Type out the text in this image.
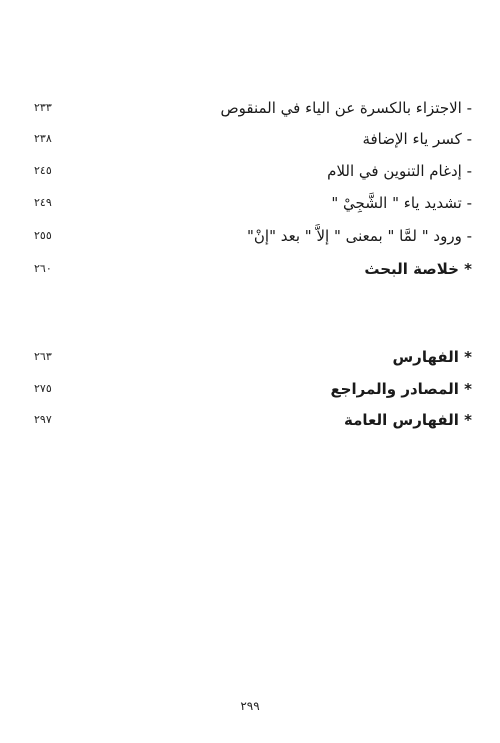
- الاجتزاء بالكسرة عن الياء في المنقوص
٢٣٣
- كسر ياء الإضافة
٢٣٨
- إدغام التنوين في اللام
٢٤٥
- تشديد ياء " الشَّجِيْ "
٢٤٩
- ورود " لمَّا " بمعنى " إلاَّ " بعد "إنْ"
٢٥٥
* خلاصة البحث
٢٦٠
* الفهارس
٢٦٣
* المصادر والمراجع
٢٧٥
* الفهارس العامة
٢٩٧
٢٩٩
